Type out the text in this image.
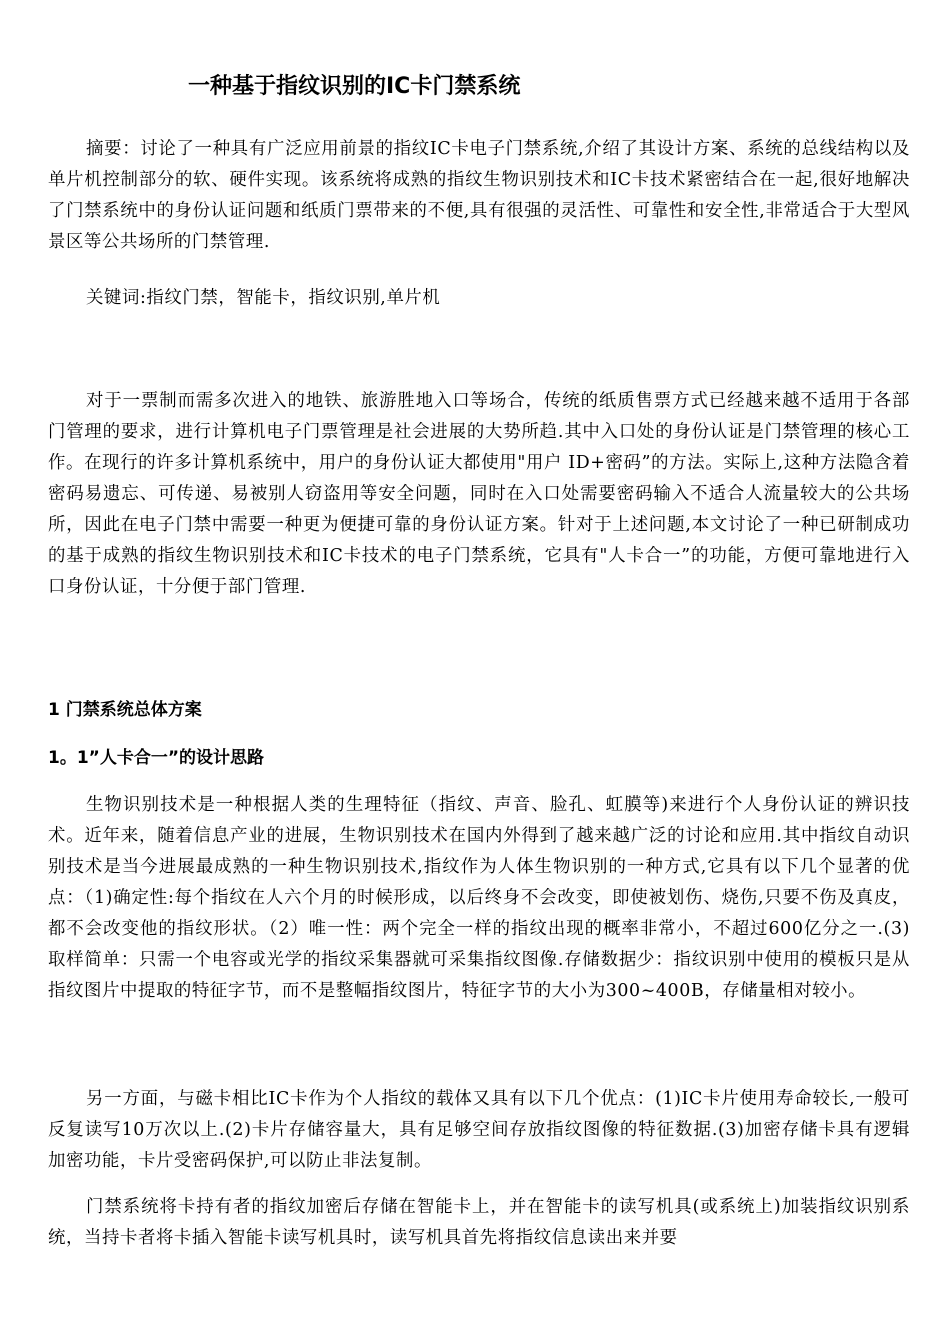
一种基于指纹识别的IC卡门禁系统

摘要：讨论了一种具有广泛应用前景的指纹IC卡电子门禁系统,介绍了其设计方案、系统的总线结构以及单片机控制部分的软、硬件实现。该系统将成熟的指纹生物识别技术和IC卡技术紧密结合在一起,很好地解决了门禁系统中的身份认证问题和纸质门票带来的不便,具有很强的灵活性、可靠性和安全性,非常适合于大型风景区等公共场所的门禁管理.

关键词:指纹门禁，智能卡，指纹识别,单片机

对于一票制而需多次进入的地铁、旅游胜地入口等场合，传统的纸质售票方式已经越来越不适用于各部门管理的要求，进行计算机电子门票管理是社会进展的大势所趋.其中入口处的身份认证是门禁管理的核心工作。在现行的许多计算机系统中，用户的身份认证大都使用"用户 ID+密码”的方法。实际上,这种方法隐含着密码易遗忘、可传递、易被别人窃盗用等安全问题，同时在入口处需要密码输入不适合人流量较大的公共场所，因此在电子门禁中需要一种更为便捷可靠的身份认证方案。针对于上述问题,本文讨论了一种已研制成功的基于成熟的指纹生物识别技术和IC卡技术的电子门禁系统，它具有"人卡合一”的功能，方便可靠地进行入口身份认证，十分便于部门管理.

1 门禁系统总体方案
1。1”人卡合一”的设计思路

生物识别技术是一种根据人类的生理特征（指纹、声音、脸孔、虹膜等)来进行个人身份认证的辨识技术。近年来，随着信息产业的进展，生物识别技术在国内外得到了越来越广泛的讨论和应用.其中指纹自动识别技术是当今进展最成熟的一种生物识别技术,指纹作为人体生物识别的一种方式,它具有以下几个显著的优点：（1)确定性:每个指纹在人六个月的时候形成，以后终身不会改变，即使被划伤、烧伤,只要不伤及真皮，都不会改变他的指纹形状。（2）唯一性：两个完全一样的指纹出现的概率非常小，不超过600亿分之一.(3)取样简单：只需一个电容或光学的指纹采集器就可采集指纹图像.存储数据少：指纹识别中使用的模板只是从指纹图片中提取的特征字节，而不是整幅指纹图片，特征字节的大小为300~400B，存储量相对较小。

另一方面，与磁卡相比IC卡作为个人指纹的载体又具有以下几个优点：(1)IC卡片使用寿命较长,一般可反复读写10万次以上.(2)卡片存储容量大，具有足够空间存放指纹图像的特征数据.(3)加密存储卡具有逻辑加密功能，卡片受密码保护,可以防止非法复制。

门禁系统将卡持有者的指纹加密后存储在智能卡上，并在智能卡的读写机具(或系统上)加装指纹识别系统，当持卡者将卡插入智能卡读写机具时，读写机具首先将指纹信息读出来并要
